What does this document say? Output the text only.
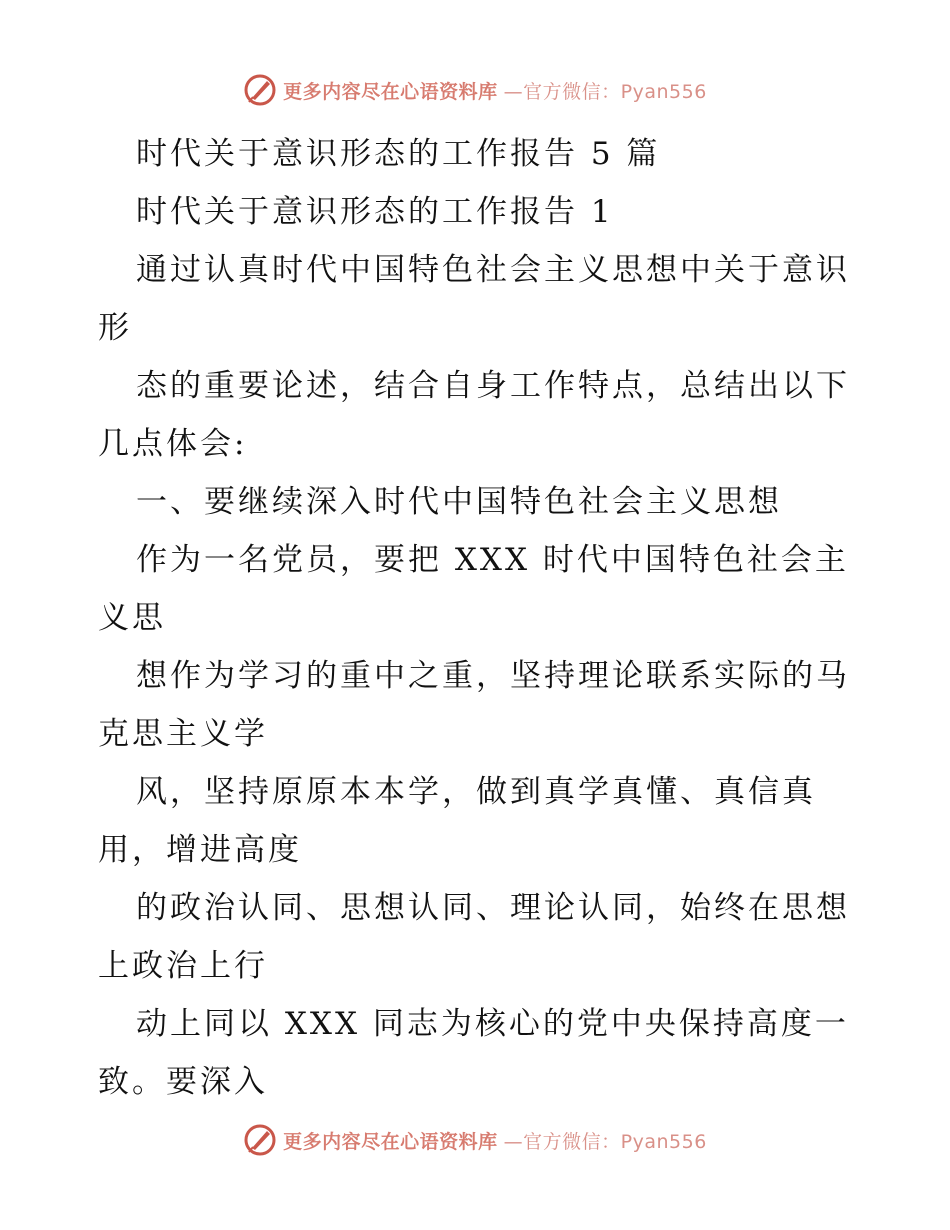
更多内容尽在心语资料库 —官方微信：Pyan556
时代关于意识形态的工作报告 5 篇
时代关于意识形态的工作报告 1
通过认真时代中国特色社会主义思想中关于意识
形
态的重要论述，结合自身工作特点，总结出以下
几点体会:
一、要继续深入时代中国特色社会主义思想
作为一名党员，要把 XXX 时代中国特色社会主
义思
想作为学习的重中之重，坚持理论联系实际的马
克思主义学
风，坚持原原本本学，做到真学真懂、真信真
用，增进高度
的政治认同、思想认同、理论认同，始终在思想
上政治上行
动上同以 XXX 同志为核心的党中央保持高度一
致。要深入
更多内容尽在心语资料库 —官方微信：Pyan556
